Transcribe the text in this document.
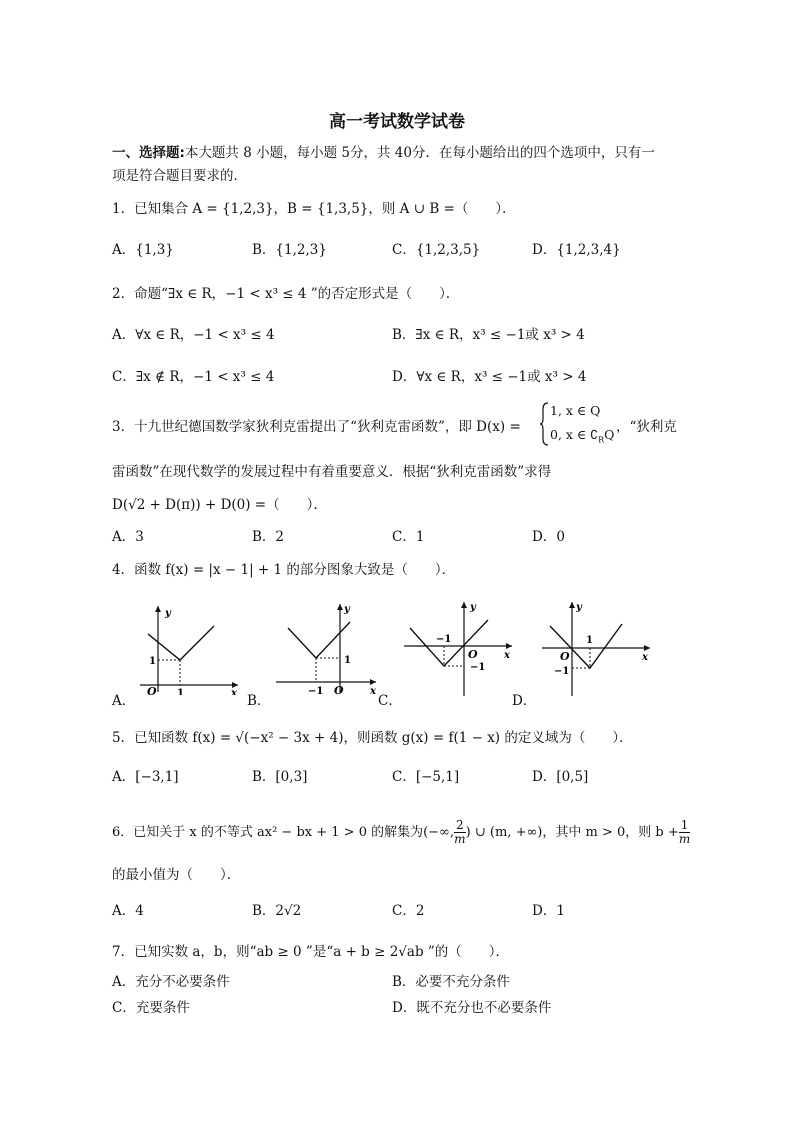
高一考试数学试卷
一、选择题:本大题共 8 小题，每小题 5分，共 40分．在每小题给出的四个选项中，只有一
项是符合题目要求的．
1．已知集合 A = {1,2,3}，B = {1,3,5}，则 A ∪ B =（　　）．
A．{1,3}	B．{1,2,3}	C．{1,2,3,5}	D．{1,2,3,4}
2．命题“∃x ∈ R，−1 < x³ ≤ 4 ”的否定形式是（　　）．
A．∀x ∈ R，−1 < x³ ≤ 4	B．∃x ∈ R，x³ ≤ −1或 x³ > 4
C．∃x ∉ R，−1 < x³ ≤ 4	D．∀x ∈ R，x³ ≤ −1或 x³ > 4
3．十九世纪德国数学家狄利克雷提出了“狄利克雷函数”，即 D(x) =
1, x ∈ Q
0, x ∈ $∁_RQ$ ，“狄利克
雷函数”在现代数学的发展过程中有着重要意义．根据“狄利克雷函数”求得
D(√2 + D(π)) + D(0) =（　　）．
A．3	B．2	C．1	D．0
4．函数 f(x) = |x − 1| + 1 的部分图象大致是（　　）．
A．	B．	C．	D．
y
x
O
1
1
y
x
O
1
−1
y
x
O
−1
−1
y
x
O
1
−1
5．已知函数 f(x) = √(−x² − 3x + 4)，则函数 g(x) = f(1 − x) 的定义域为（　　）．
A．[−3,1]	B．[0,3]	C．[−5,1]	D．[0,5]
6．已知关于 x 的不等式 ax² − bx + 1 > 0 的解集为(−∞, $\frac{2}{m}$ ) ∪ (m, +∞)，其中 m > 0，则 $b + \frac{1}{m}$
的最小值为（　　）．
A．4	B．2√2	C．2	D．1
7．已知实数 a，b，则“ab ≥ 0 ”是“a + b ≥ 2√ab ”的（　　）．
A．充分不必要条件	B．必要不充分条件
C．充要条件	D．既不充分也不必要条件
